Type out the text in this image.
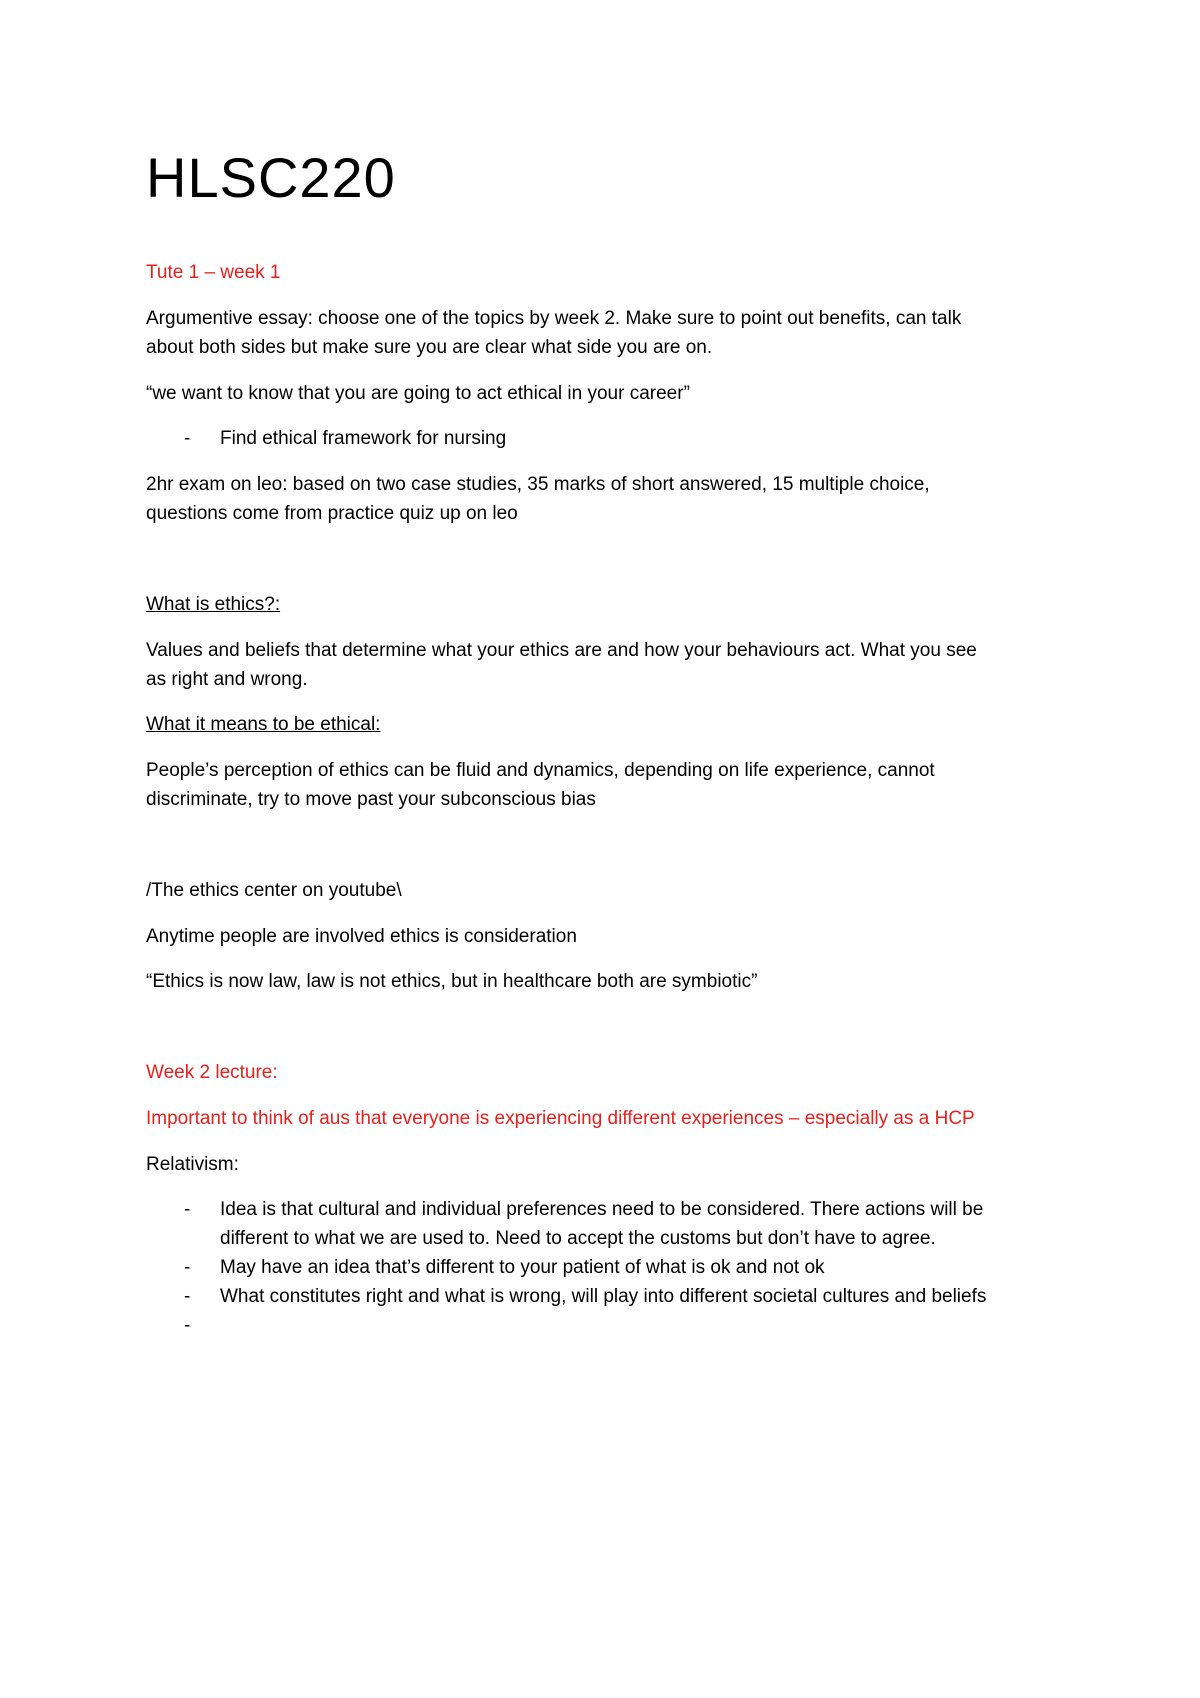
HLSC220

Tute 1 – week 1

Argumentive essay: choose one of the topics by week 2. Make sure to point out benefits, can talk

about both sides but make sure you are clear what side you are on.

“we want to know that you are going to act ethical in your career”

- Find ethical framework for nursing

2hr exam on leo: based on two case studies, 35 marks of short answered, 15 multiple choice,

questions come from practice quiz up on leo

What is ethics?:

Values and beliefs that determine what your ethics are and how your behaviours act. What you see

as right and wrong.

What it means to be ethical:

People’s perception of ethics can be fluid and dynamics, depending on life experience, cannot

discriminate, try to move past your subconscious bias

/The ethics center on youtube\

Anytime people are involved ethics is consideration

“Ethics is now law, law is not ethics, but in healthcare both are symbiotic”

Week 2 lecture:

Important to think of aus that everyone is experiencing different experiences – especially as a HCP

Relativism:

- Idea is that cultural and individual preferences need to be considered. There actions will be
different to what we are used to. Need to accept the customs but don’t have to agree.
- May have an idea that’s different to your patient of what is ok and not ok
- What constitutes right and what is wrong, will play into different societal cultures and beliefs
-
